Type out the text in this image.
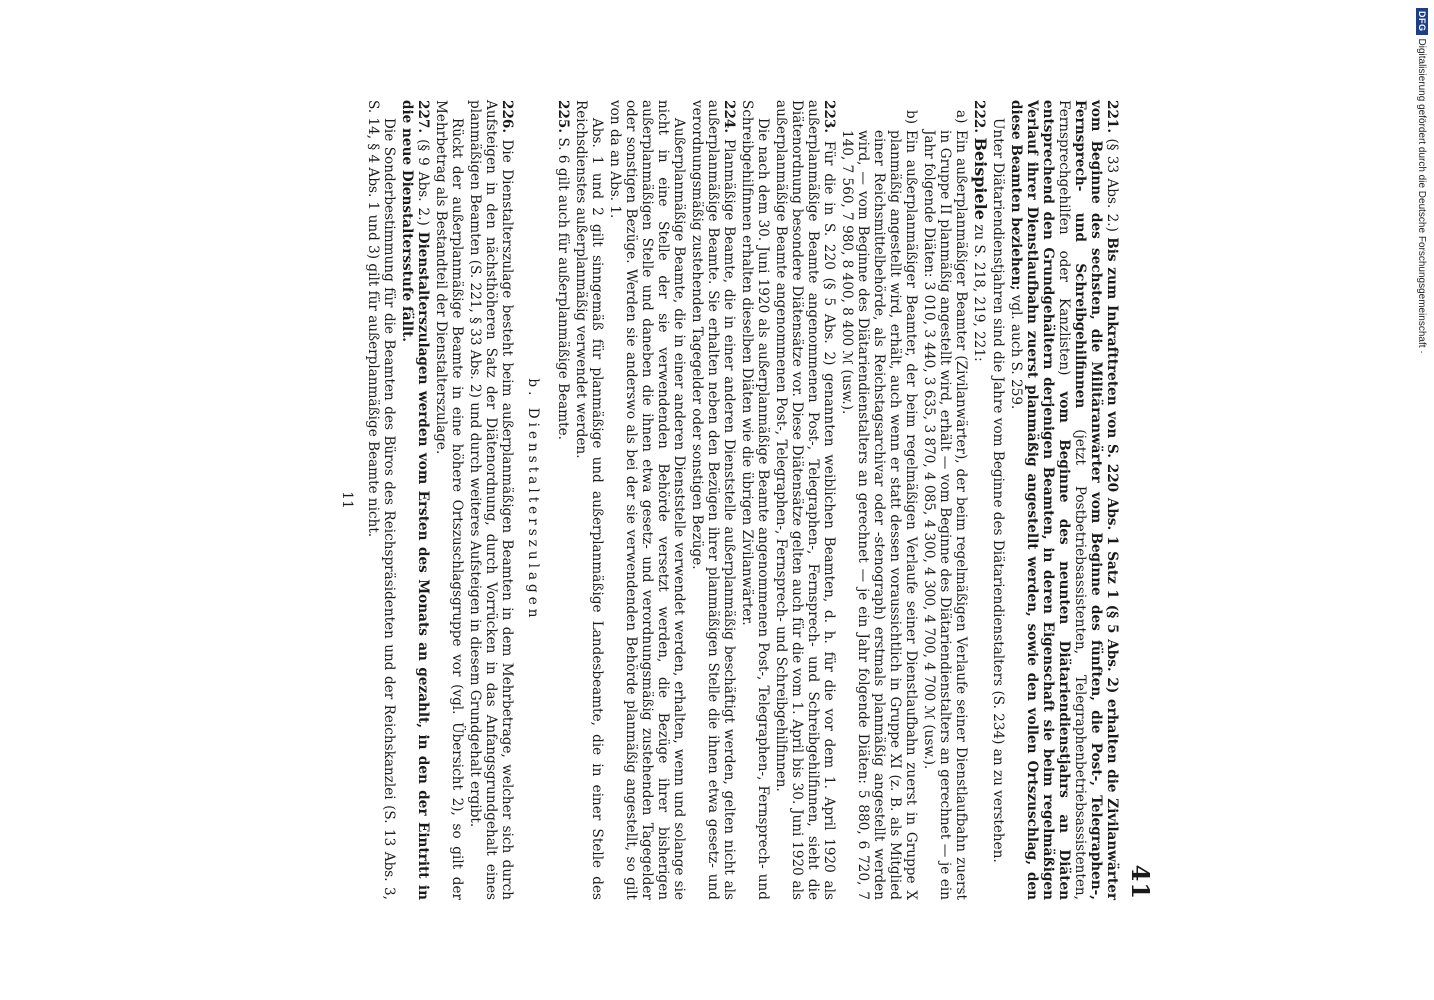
41

221. (§ 33 Abs. 2.) Bis zum Inkrafttreten von S. 220 Abs. 1 Satz 1 (§ 5 Abs. 2) erhalten die Zivilanwärter vom Beginne des sechsten, die Militäranwärter vom Beginne des fünften, die Post-, Telegraphen-, Fernsprech- und Schreibgehilfinnen (jetzt Postbetriebsassistenten, Telegraphenbetriebsassistenten, Fernsprechgehilfen oder Kanzlisten) vom Beginne des neunten Diätariendienstjahrs an Diäten entsprechend den Grundgehältern derjenigen Beamten, in deren Eigenschaft sie beim regelmäßigen Verlauf ihrer Dienstlaufbahn zuerst planmäßig angestellt werden, sowie den vollen Ortszuschlag, den diese Beamten beziehen; vgl. auch S. 259.

Unter Diätariendienstjahren sind die Jahre vom Beginne des Diätariendienstalters (S. 234) an zu verstehen.

222. Beispiele zu S. 218, 219, 221:

a)Ein außerplanmäßiger Beamter (Zivilanwärter), der beim regelmäßigen Verlaufe seiner Dienstlaufbahn zuerst in Gruppe II planmäßig angestellt wird, erhält — vom Beginne des Diätariendienstalters an gerechnet — je ein Jahr folgende Diäten: 3 010, 3 440, 3 635, 3 870, 4 085, 4 300, 4 300, 4 700, 4 700 ℳ (usw.).

b)Ein außerplanmäßiger Beamter, der beim regelmäßigen Verlaufe seiner Dienstlaufbahn zuerst in Gruppe X planmäßig angestellt wird, erhält, auch wenn er statt dessen voraussichtlich in Gruppe XI (z. B. als Mitglied einer Reichsmittelbehörde, als Reichstagsarchivar oder ‑stenograph) erstmals planmäßig angestellt werden wird, — vom Beginne des Diätariendienstalters an gerechnet — je ein Jahr folgende Diäten: 5 880, 6 720, 7 140, 7 560, 7 980, 8 400, 8 400 ℳ (usw.).

223. Für die in S. 220 (§ 5 Abs. 2) genannten weiblichen Beamten, d. h. für die vor dem 1. April 1920 als außerplanmäßige Beamte angenommenen Post-, Telegraphen-, Fernsprech- und Schreibgehilfinnen, sieht die Diätenordnung besondere Diätensätze vor. Diese Diätensätze gelten auch für die vom 1. April bis 30. Juni 1920 als außerplanmäßige Beamte angenommenen Post-, Telegraphen-, Fernsprech- und Schreibgehilfinnen.

Die nach dem 30. Juni 1920 als außerplanmäßige Beamte angenommenen Post-, Telegraphen-, Fernsprech- und Schreibgehilfinnen erhalten dieselben Diäten wie die übrigen Zivilanwärter.

224. Planmäßige Beamte, die in einer anderen Dienststelle außerplanmäßig beschäftigt werden, gelten nicht als außerplanmäßige Beamte. Sie erhalten neben den Bezügen ihrer planmäßigen Stelle die ihnen etwa gesetz- und verordnungsmäßig zustehenden Tagegelder oder sonstigen Bezüge.

Außerplanmäßige Beamte, die in einer anderen Dienststelle verwendet werden, erhalten, wenn und solange sie nicht in eine Stelle der sie verwendenden Behörde versetzt werden, die Bezüge ihrer bisherigen außerplanmäßigen Stelle und daneben die ihnen etwa gesetz- und verordnungsmäßig zustehenden Tagegelder oder sonstigen Bezüge. Werden sie anderswo als bei der sie verwendenden Behörde planmäßig angestellt, so gilt von da an Abs. 1.

Abs. 1 und 2 gilt sinngemäß für planmäßige und außerplanmäßige Landesbeamte, die in einer Stelle des Reichsdienstes außerplanmäßig verwendet werden.

225. S. 6 gilt auch für außerplanmäßige Beamte.

b. Dienstalterszulagen

226. Die Dienstalterszulage besteht beim außerplanmäßigen Beamten in dem Mehrbetrage, welcher sich durch Aufsteigen in den nächsthöheren Satz der Diätenordnung, durch Vorrücken in das Anfangsgrundgehalt eines planmäßigen Beamten (S. 221, § 33 Abs. 2) und durch weiteres Aufsteigen in diesem Grundgehalt ergibt.

Rückt der außerplanmäßige Beamte in eine höhere Ortszuschlagsgruppe vor (vgl. Übersicht 2), so gilt der Mehrbetrag als Bestandteil der Dienstalterszulage.

227. (§ 9 Abs. 2.) Dienstalterszulagen werden vom Ersten des Monats an gezahlt, in den der Eintritt in die neue Dienstaltersstufe fällt.

Die Sonderbestimmung für die Beamten des Büros des Reichspräsidenten und der Reichskanzlei (S. 13 Abs. 3, S. 14, § 4 Abs. 1 und 3) gilt für außerplanmäßige Beamte nicht.

11
DFG
Digitalisierung gefördert durch die Deutsche Forschungsgemeinschaft ·
